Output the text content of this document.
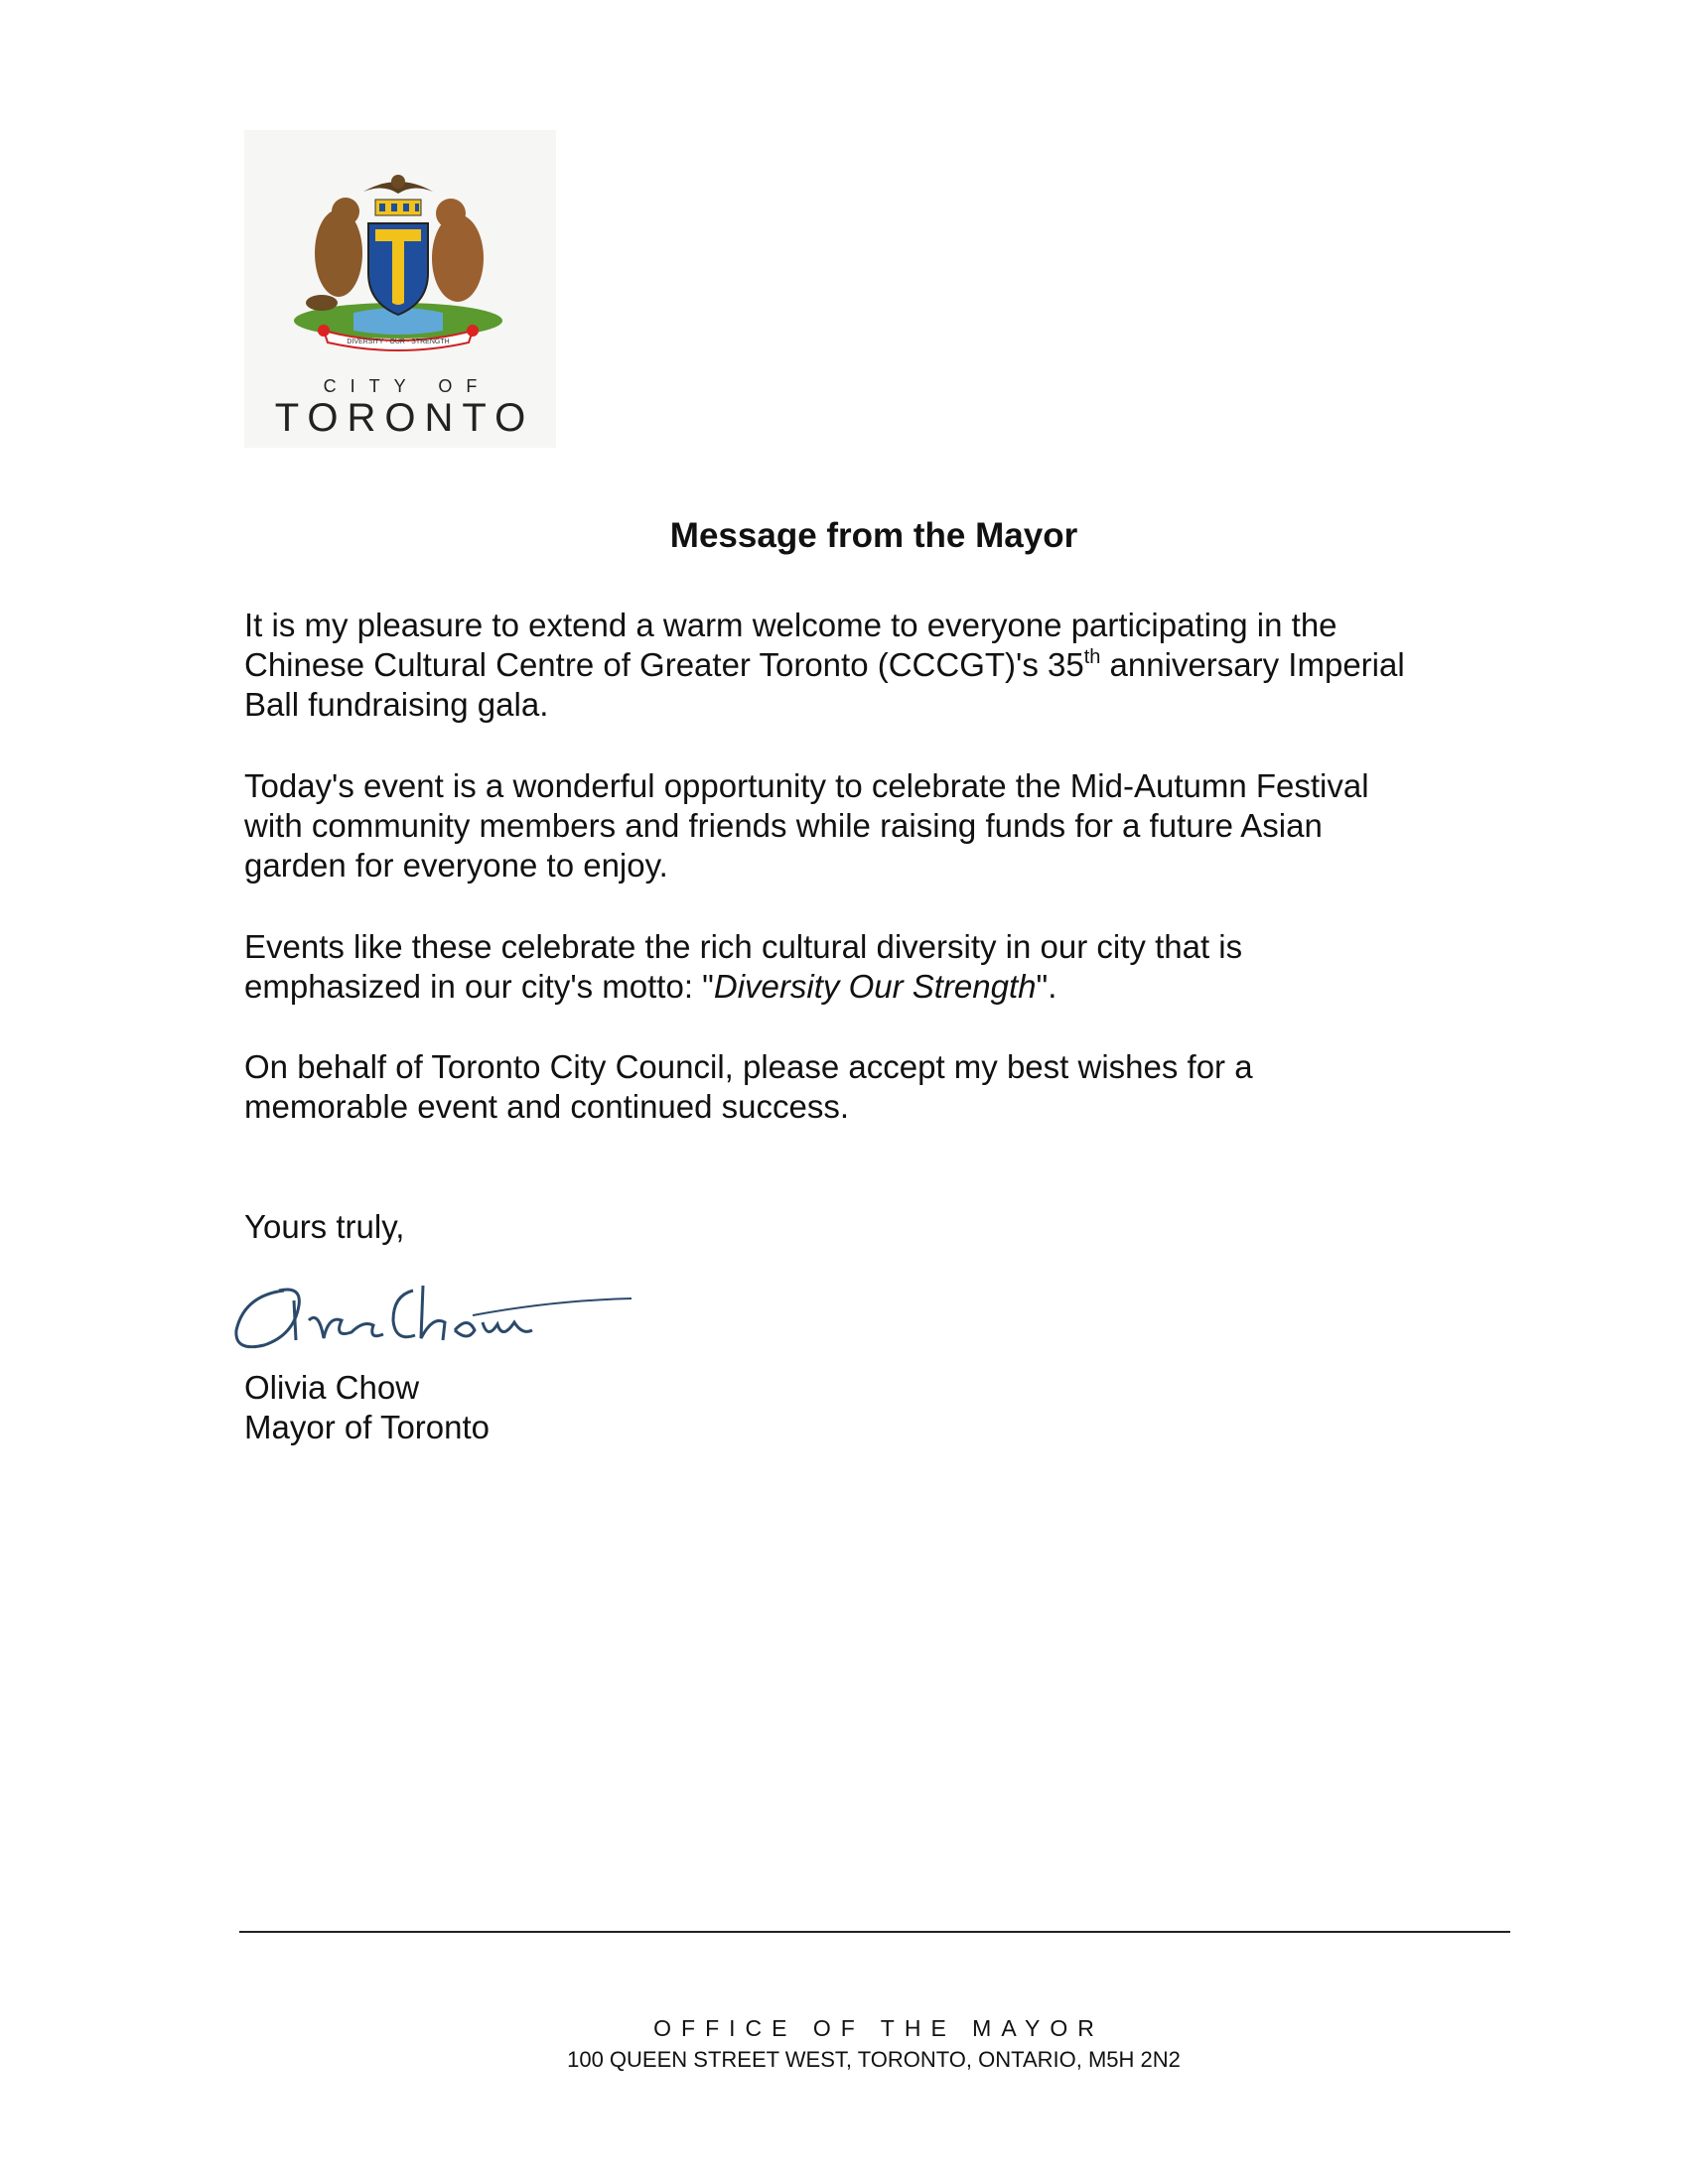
DIVERSITY · OUR · STRENGTH
CITY OF
TORONTO
Message from the Mayor
It is my pleasure to extend a warm welcome to everyone participating in the
Chinese Cultural Centre of Greater Toronto (CCCGT)'s 35th anniversary Imperial
Ball fundraising gala.
Today's event is a wonderful opportunity to celebrate the Mid-Autumn Festival
with community members and friends while raising funds for a future Asian
garden for everyone to enjoy.
Events like these celebrate the rich cultural diversity in our city that is
emphasized in our city's motto: "Diversity Our Strength".
On behalf of Toronto City Council, please accept my best wishes for a
memorable event and continued success.
Yours truly,
Olivia Chow
Mayor of Toronto
OFFICE OF THE MAYOR
100 QUEEN STREET WEST, TORONTO, ONTARIO, M5H 2N2
